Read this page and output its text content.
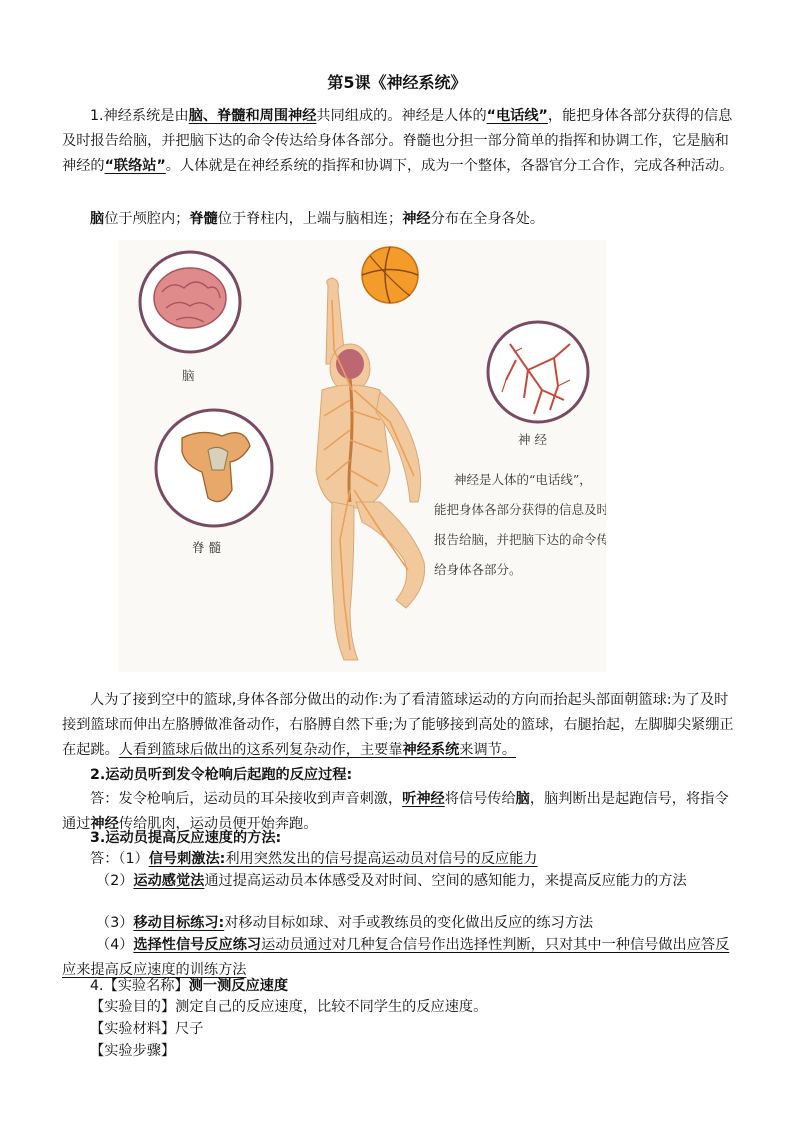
第5课《神经系统》

1.神经系统是由脑、脊髓和周围神经共同组成的。神经是人体的“电话线”，能把身体各部分获得的信息及时报告给脑，并把脑下达的命令传达给身体各部分。脊髓也分担一部分简单的指挥和协调工作，它是脑和神经的“联络站”。人体就是在神经系统的指挥和协调下，成为一个整体，各器官分工合作，完成各种活动。

脑位于颅腔内；脊髓位于脊柱内，上端与脑相连；神经分布在全身各处。

脑
脊 髓
神 经
神经是人体的“电话线”，
能把身体各部分获得的信息及时
报告给脑，并把脑下达的命令传达
给身体各部分。

人为了接到空中的篮球,身体各部分做出的动作:为了看清篮球运动的方向而抬起头部面朝篮球:为了及时接到篮球而伸出左胳膊做准备动作，右胳膊自然下垂;为了能够接到高处的篮球，右腿抬起，左脚脚尖紧绷正在起跳。人看到篮球后做出的这系列复杂动作，主要靠神经系统来调节。

2.运动员听到发令枪响后起跑的反应过程:

答：发令枪响后，运动员的耳朵接收到声音刺激，听神经将信号传给脑，脑判断出是起跑信号，将指令通过神经传给肌肉，运动员便开始奔跑。

3.运动员提高反应速度的方法:

答：（1）信号刺激法:利用突然发出的信号提高运动员对信号的反应能力

（2）运动感觉法通过提高运动员本体感受及对时间、空间的感知能力，来提高反应能力的方法

（3）移动目标练习:对移动目标如球、对手或教练员的变化做出反应的练习方法

（4）选择性信号反应练习运动员通过对几种复合信号作出选择性判断，只对其中一种信号做出应答反应来提高反应速度的训练方法

4.【实验名称】测一测反应速度

【实验目的】测定自己的反应速度，比较不同学生的反应速度。

【实验材料】尺子

【实验步骤】
